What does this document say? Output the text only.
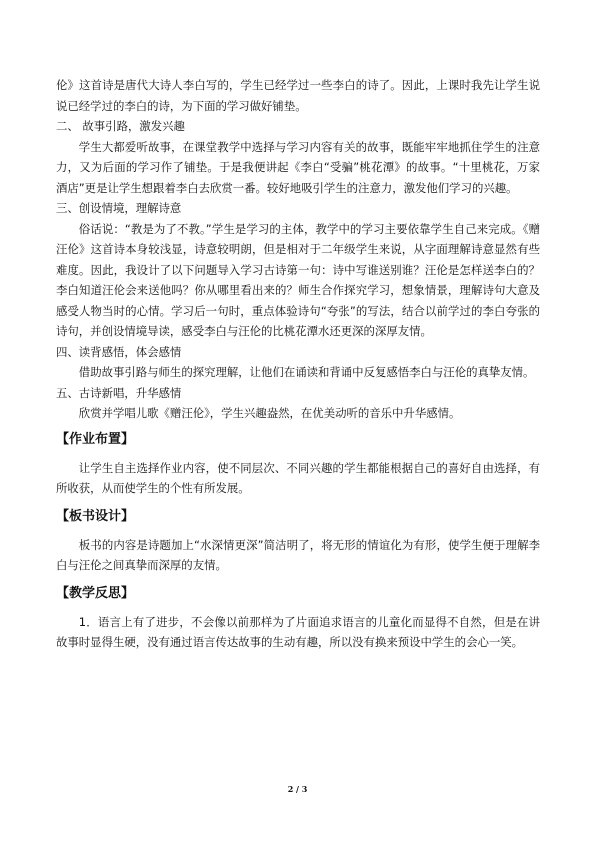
伦》这首诗是唐代大诗人李白写的，学生已经学过一些李白的诗了。因此，上课时我先让学生说说已经学过的李白的诗，为下面的学习做好铺垫。

二、 故事引路，激发兴趣

学生大都爱听故事，在课堂教学中选择与学习内容有关的故事，既能牢牢地抓住学生的注意力，又为后面的学习作了铺垫。于是我便讲起《李白“受骗”桃花潭》的故事。“十里桃花，万家酒店”更是让学生想跟着李白去欣赏一番。较好地吸引学生的注意力，激发他们学习的兴趣。

三、创设情境，理解诗意

俗话说：“教是为了不教。”学生是学习的主体，教学中的学习主要依靠学生自己来完成。《赠汪伦》这首诗本身较浅显，诗意较明朗，但是相对于二年级学生来说，从字面理解诗意显然有些难度。因此，我设计了以下问题导入学习古诗第一句：诗中写谁送别谁？汪伦是怎样送李白的？李白知道汪伦会来送他吗？你从哪里看出来的？师生合作探究学习，想象情景，理解诗句大意及感受人物当时的心情。学习后一句时，重点体验诗句“夸张”的写法，结合以前学过的李白夸张的诗句，并创设情境导读，感受李白与汪伦的比桃花潭水还更深的深厚友情。

四、读背感悟，体会感情

借助故事引路与师生的探究理解，让他们在诵读和背诵中反复感悟李白与汪伦的真挚友情。

五、古诗新唱，升华感情

欣赏并学唱儿歌《赠汪伦》，学生兴趣盎然，在优美动听的音乐中升华感情。

【作业布置】

让学生自主选择作业内容，使不同层次、不同兴趣的学生都能根据自己的喜好自由选择，有所收获，从而使学生的个性有所发展。

【板书设计】

板书的内容是诗题加上“水深情更深”简洁明了，将无形的情谊化为有形，使学生便于理解李白与汪伦之间真挚而深厚的友情。

【教学反思】

1．语言上有了进步，不会像以前那样为了片面追求语言的儿童化而显得不自然，但是在讲故事时显得生硬，没有通过语言传达故事的生动有趣，所以没有换来预设中学生的会心一笑。

2 / 3
